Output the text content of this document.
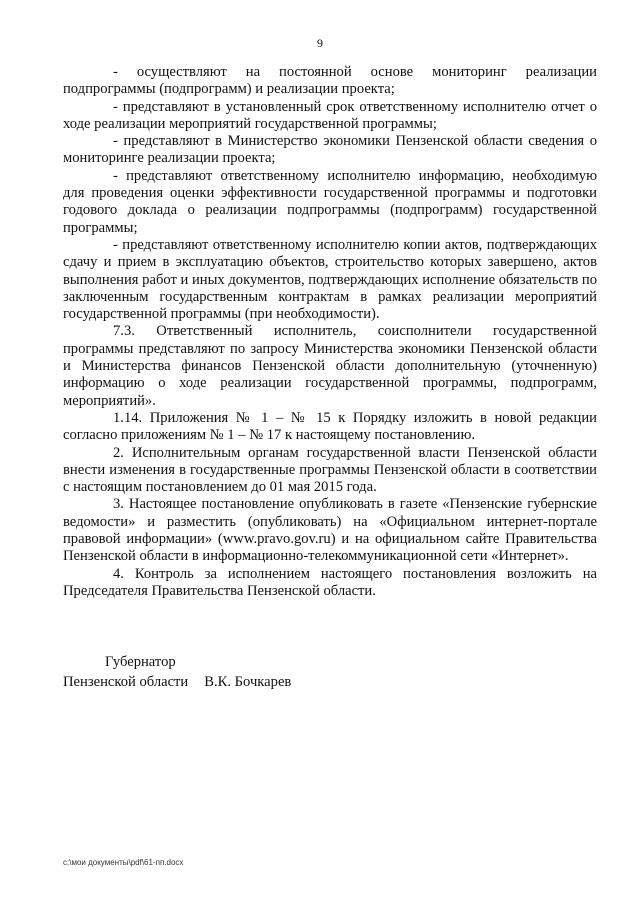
9

- осуществляют на постоянной основе мониторинг реализации подпрограммы (подпрограмм) и реализации проекта;

- представляют в установленный срок ответственному исполнителю отчет о ходе реализации мероприятий государственной программы;

- представляют в Министерство экономики Пензенской области сведения о мониторинге реализации проекта;

- представляют ответственному исполнителю информацию, необходимую для проведения оценки эффективности государственной программы и подготовки годового доклада о реализации подпрограммы (подпрограмм) государственной программы;

- представляют ответственному исполнителю копии актов, подтверждающих сдачу и прием в эксплуатацию объектов, строительство которых завершено, актов выполнения работ и иных документов, подтверждающих исполнение обязательств по заключенным государственным контрактам в рамках реализации мероприятий государственной программы (при необходимости).

7.3. Ответственный исполнитель, соисполнители государственной программы представляют по запросу Министерства экономики Пензенской области и Министерства финансов Пензенской области дополнительную (уточненную) информацию о ходе реализации государственной программы, подпрограмм, мероприятий».

1.14. Приложения № 1 – № 15 к Порядку изложить в новой редакции согласно приложениям № 1 – № 17 к настоящему постановлению.

2. Исполнительным органам государственной власти Пензенской области внести изменения в государственные программы Пензенской области в соответствии с настоящим постановлением до 01 мая 2015 года.

3. Настоящее постановление опубликовать в газете «Пензенские губернские ведомости» и разместить (опубликовать) на «Официальном интернет-портале правовой информации» (www.pravo.gov.ru) и на официальном сайте Правительства Пензенской области в информационно-телекоммуникационной сети «Интернет».

4. Контроль за исполнением настоящего постановления возложить на Председателя Правительства Пензенской области.

Губернатор
Пензенской области В.К. Бочкарев
c:\мои документы\pdf\61-пп.docx
